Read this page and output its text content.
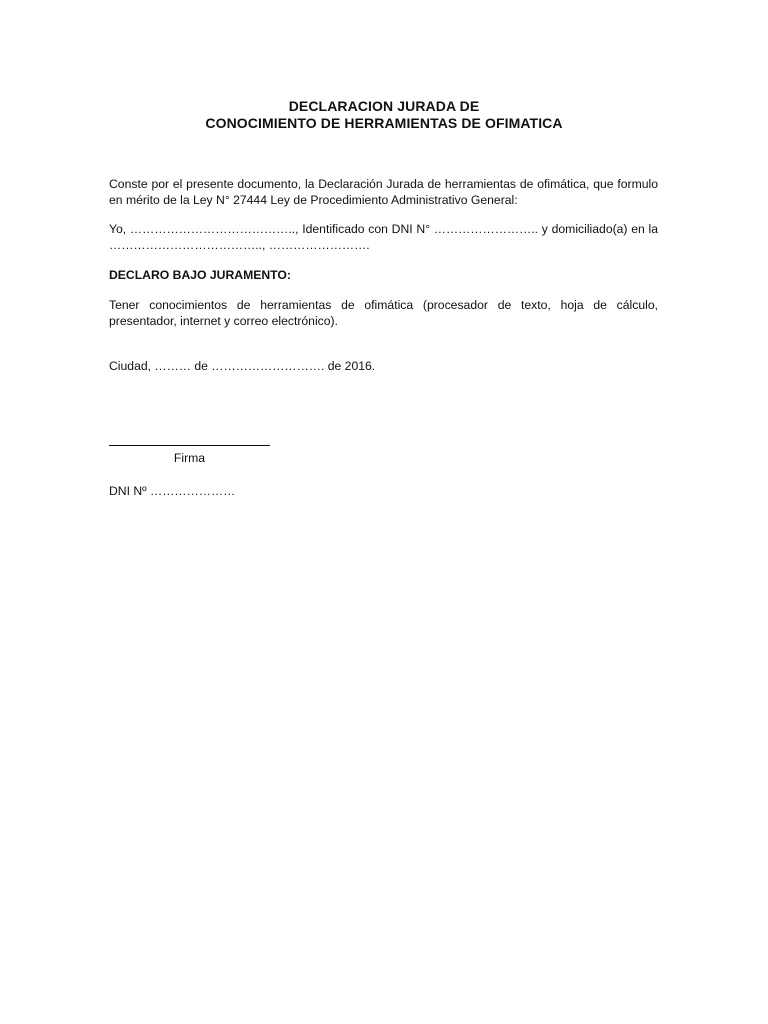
DECLARACION JURADA DE
CONOCIMIENTO DE HERRAMIENTAS DE OFIMATICA
Conste por el presente documento, la Declaración Jurada de herramientas de ofimática, que formulo en mérito de la Ley N° 27444 Ley de Procedimiento Administrativo General:
Yo, ………………………………….., Identificado con DNI N° …………………….. y domiciliado(a) en la ……………………………….., …………………….
DECLARO BAJO JURAMENTO:
Tener conocimientos de herramientas de ofimática (procesador de texto, hoja de cálculo, presentador, internet y correo electrónico).
Ciudad, ……… de ………………………. de 2016.
Firma
DNI Nº …………………
